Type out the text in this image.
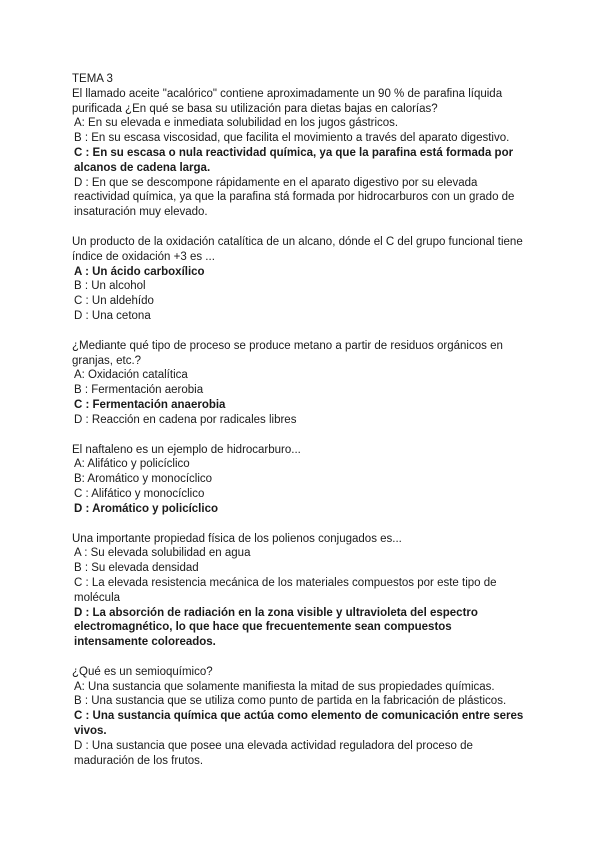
TEMA 3

El llamado aceite "acalórico" contiene aproximadamente un 90 % de parafina líquida purificada ¿En qué se basa su utilización para dietas bajas en calorías?

A: En su elevada e inmediata solubilidad en los jugos gástricos.

B : En su escasa viscosidad, que facilita el movimiento a través del aparato digestivo.

C : En su escasa o nula reactividad química, ya que la parafina está formada por alcanos de cadena larga.

D : En que se descompone rápidamente en el aparato digestivo por su elevada reactividad química, ya que la parafina stá formada por hidrocarburos con un grado de insaturación muy elevado.

Un producto de la oxidación catalítica de un alcano, dónde el C del grupo funcional tiene índice de oxidación +3 es ...

A : Un ácido carboxílico

B : Un alcohol

C : Un aldehído

D : Una cetona

¿Mediante qué tipo de proceso se produce metano a partir de residuos orgánicos en granjas, etc.?

A: Oxidación catalítica

B : Fermentación aerobia

C : Fermentación anaerobia

D : Reacción en cadena por radicales libres

El naftaleno es un ejemplo de hidrocarburo...

A: Alifático y policíclico

B: Aromático y monocíclico

C : Alifático y monocíclico

D : Aromático y policíclico

Una importante propiedad física de los polienos conjugados es...

A : Su elevada solubilidad en agua

B : Su elevada densidad

C : La elevada resistencia mecánica de los materiales compuestos por este tipo de molécula

D : La absorción de radiación en la zona visible y ultravioleta del espectro electromagnético, lo que hace que frecuentemente sean compuestos intensamente coloreados.

¿Qué es un semioquímico?

A: Una sustancia que solamente manifiesta la mitad de sus propiedades químicas.

B : Una sustancia que se utiliza como punto de partida en la fabricación de plásticos.

C : Una sustancia química que actúa como elemento de comunicación entre seres vivos.

D : Una sustancia que posee una elevada actividad reguladora del proceso de maduración de los frutos.
